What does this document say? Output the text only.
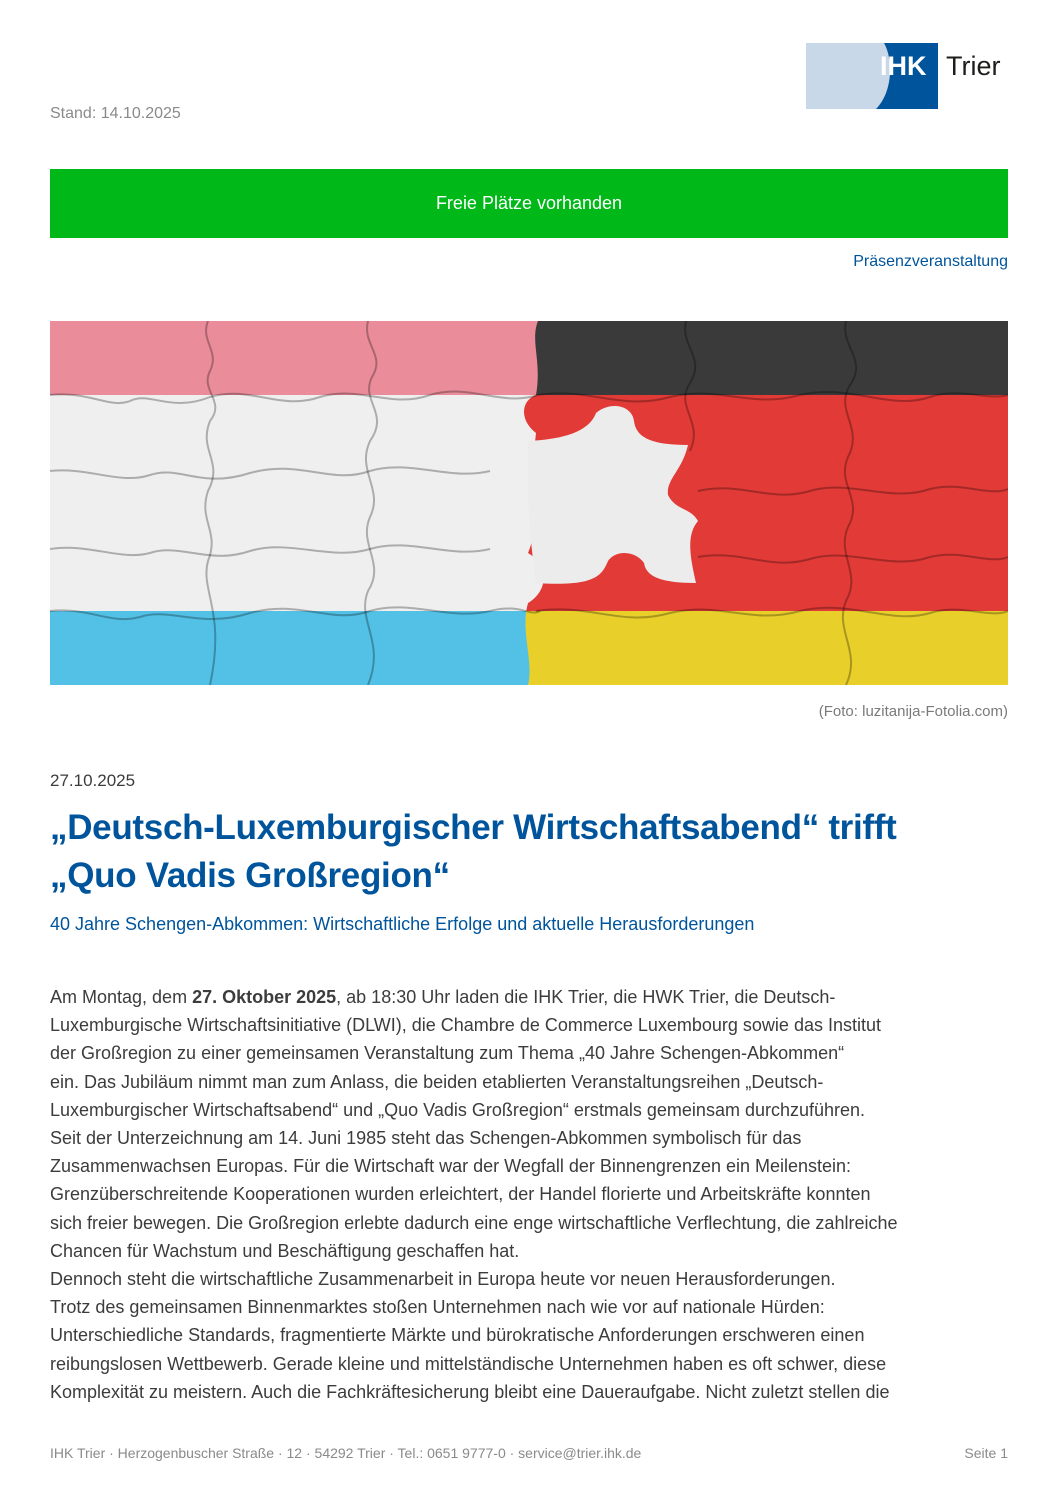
IHK Trier
Stand: 14.10.2025
Freie Plätze vorhanden
Präsenzveranstaltung
(Foto: luzitanija-Fotolia.com)
27.10.2025
„Deutsch-Luxemburgischer Wirtschaftsabend“ trifft
„Quo Vadis Großregion“
40 Jahre Schengen-Abkommen: Wirtschaftliche Erfolge und aktuelle Herausforderungen
Am Montag, dem 27. Oktober 2025, ab 18:30 Uhr laden die IHK Trier, die HWK Trier, die Deutsch-
Luxemburgische Wirtschaftsinitiative (DLWI), die Chambre de Commerce Luxembourg sowie das Institut
der Großregion zu einer gemeinsamen Veranstaltung zum Thema „40 Jahre Schengen-Abkommen“
ein. Das Jubiläum nimmt man zum Anlass, die beiden etablierten Veranstaltungsreihen „Deutsch-
Luxemburgischer Wirtschaftsabend“ und „Quo Vadis Großregion“ erstmals gemeinsam durchzuführen.
Seit der Unterzeichnung am 14. Juni 1985 steht das Schengen-Abkommen symbolisch für das
Zusammenwachsen Europas. Für die Wirtschaft war der Wegfall der Binnengrenzen ein Meilenstein:
Grenzüberschreitende Kooperationen wurden erleichtert, der Handel florierte und Arbeitskräfte konnten
sich freier bewegen. Die Großregion erlebte dadurch eine enge wirtschaftliche Verflechtung, die zahlreiche
Chancen für Wachstum und Beschäftigung geschaffen hat.
Dennoch steht die wirtschaftliche Zusammenarbeit in Europa heute vor neuen Herausforderungen.
Trotz des gemeinsamen Binnenmarktes stoßen Unternehmen nach wie vor auf nationale Hürden:
Unterschiedliche Standards, fragmentierte Märkte und bürokratische Anforderungen erschweren einen
reibungslosen Wettbewerb. Gerade kleine und mittelständische Unternehmen haben es oft schwer, diese
Komplexität zu meistern. Auch die Fachkräftesicherung bleibt eine Daueraufgabe. Nicht zuletzt stellen die
IHK Trier · Herzogenbuscher Straße · 12 · 54292 Trier · Tel.: 0651 9777-0 · service@trier.ihk.de	Seite 1
